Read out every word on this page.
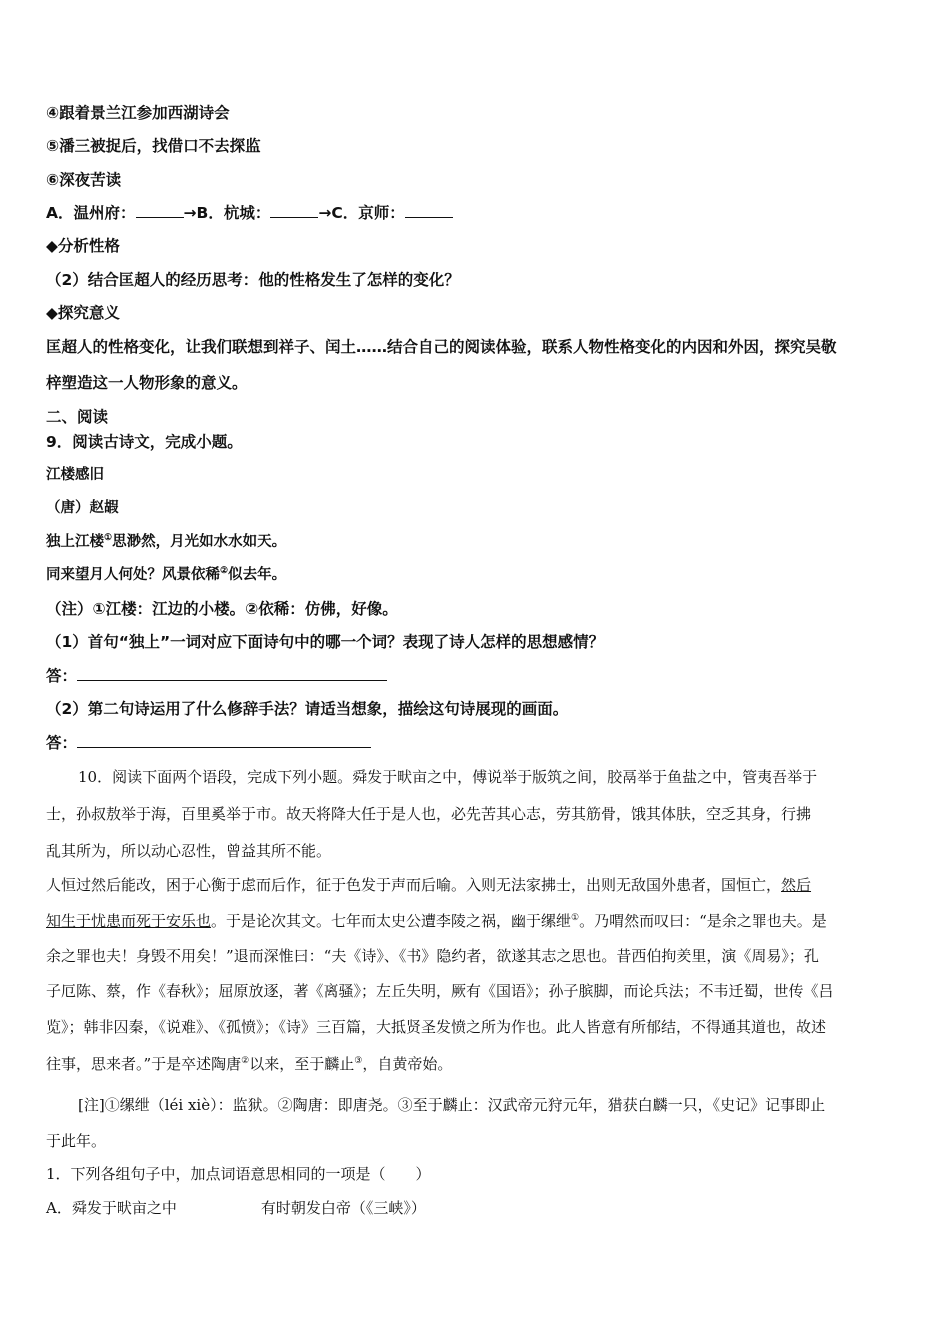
④跟着景兰江参加西湖诗会
⑤潘三被捉后，找借口不去探监
⑥深夜苦读
A．温州府：	→B．杭城：	→C．京师：
◆分析性格
（2）结合匡超人的经历思考：他的性格发生了怎样的变化？
◆探究意义
匡超人的性格变化，让我们联想到祥子、闰土……结合自己的阅读体验，联系人物性格变化的内因和外因，探究吴敬
梓塑造这一人物形象的意义。
二、阅读
9．阅读古诗文，完成小题。
江楼感旧
（唐）赵嘏
独上江楼①思渺然，月光如水水如天。
同来望月人何处？风景依稀②似去年。
（注）①江楼：江边的小楼。②依稀：仿佛，好像。
（1）首句“独上”一词对应下面诗句中的哪一个词？表现了诗人怎样的思想感情？
答：
（2）第二句诗运用了什么修辞手法？请适当想象，描绘这句诗展现的画面。
答：
10．阅读下面两个语段，完成下列小题。舜发于畎亩之中，傅说举于版筑之间，胶鬲举于鱼盐之中，管夷吾举于
士，孙叔敖举于海，百里奚举于市。故天将降大任于是人也，必先苦其心志，劳其筋骨，饿其体肤，空乏其身，行拂
乱其所为，所以动心忍性，曾益其所不能。
人恒过然后能改，困于心衡于虑而后作，征于色发于声而后喻。入则无法家拂士，出则无敌国外患者，国恒亡，然后
知生于忧患而死于安乐也。于是论次其文。七年而太史公遭李陵之祸，幽于缧绁①。乃喟然而叹曰：“是余之罪也夫。是
余之罪也夫！身毁不用矣！”退而深惟曰：“夫《诗》、《书》隐约者，欲遂其志之思也。昔西伯拘羑里，演《周易》；孔
子厄陈、蔡，作《春秋》；屈原放逐，著《离骚》；左丘失明，厥有《国语》；孙子膑脚，而论兵法；不韦迁蜀，世传《吕
览》；韩非囚秦，《说难》、《孤愤》；《诗》三百篇，大抵贤圣发愤之所为作也。此人皆意有所郁结，不得通其道也，故述
往事，思来者。”于是卒述陶唐②以来，至于麟止③，自黄帝始。
[注]①缧绁（léi xiè）：监狱。②陶唐：即唐尧。③至于麟止：汉武帝元狩元年，猎获白麟一只，《史记》记事即止
于此年。
1．下列各组句子中，加点词语意思相同的一项是（　　）
A．舜发于畎亩之中	有时朝发白帝（《三峡》）
